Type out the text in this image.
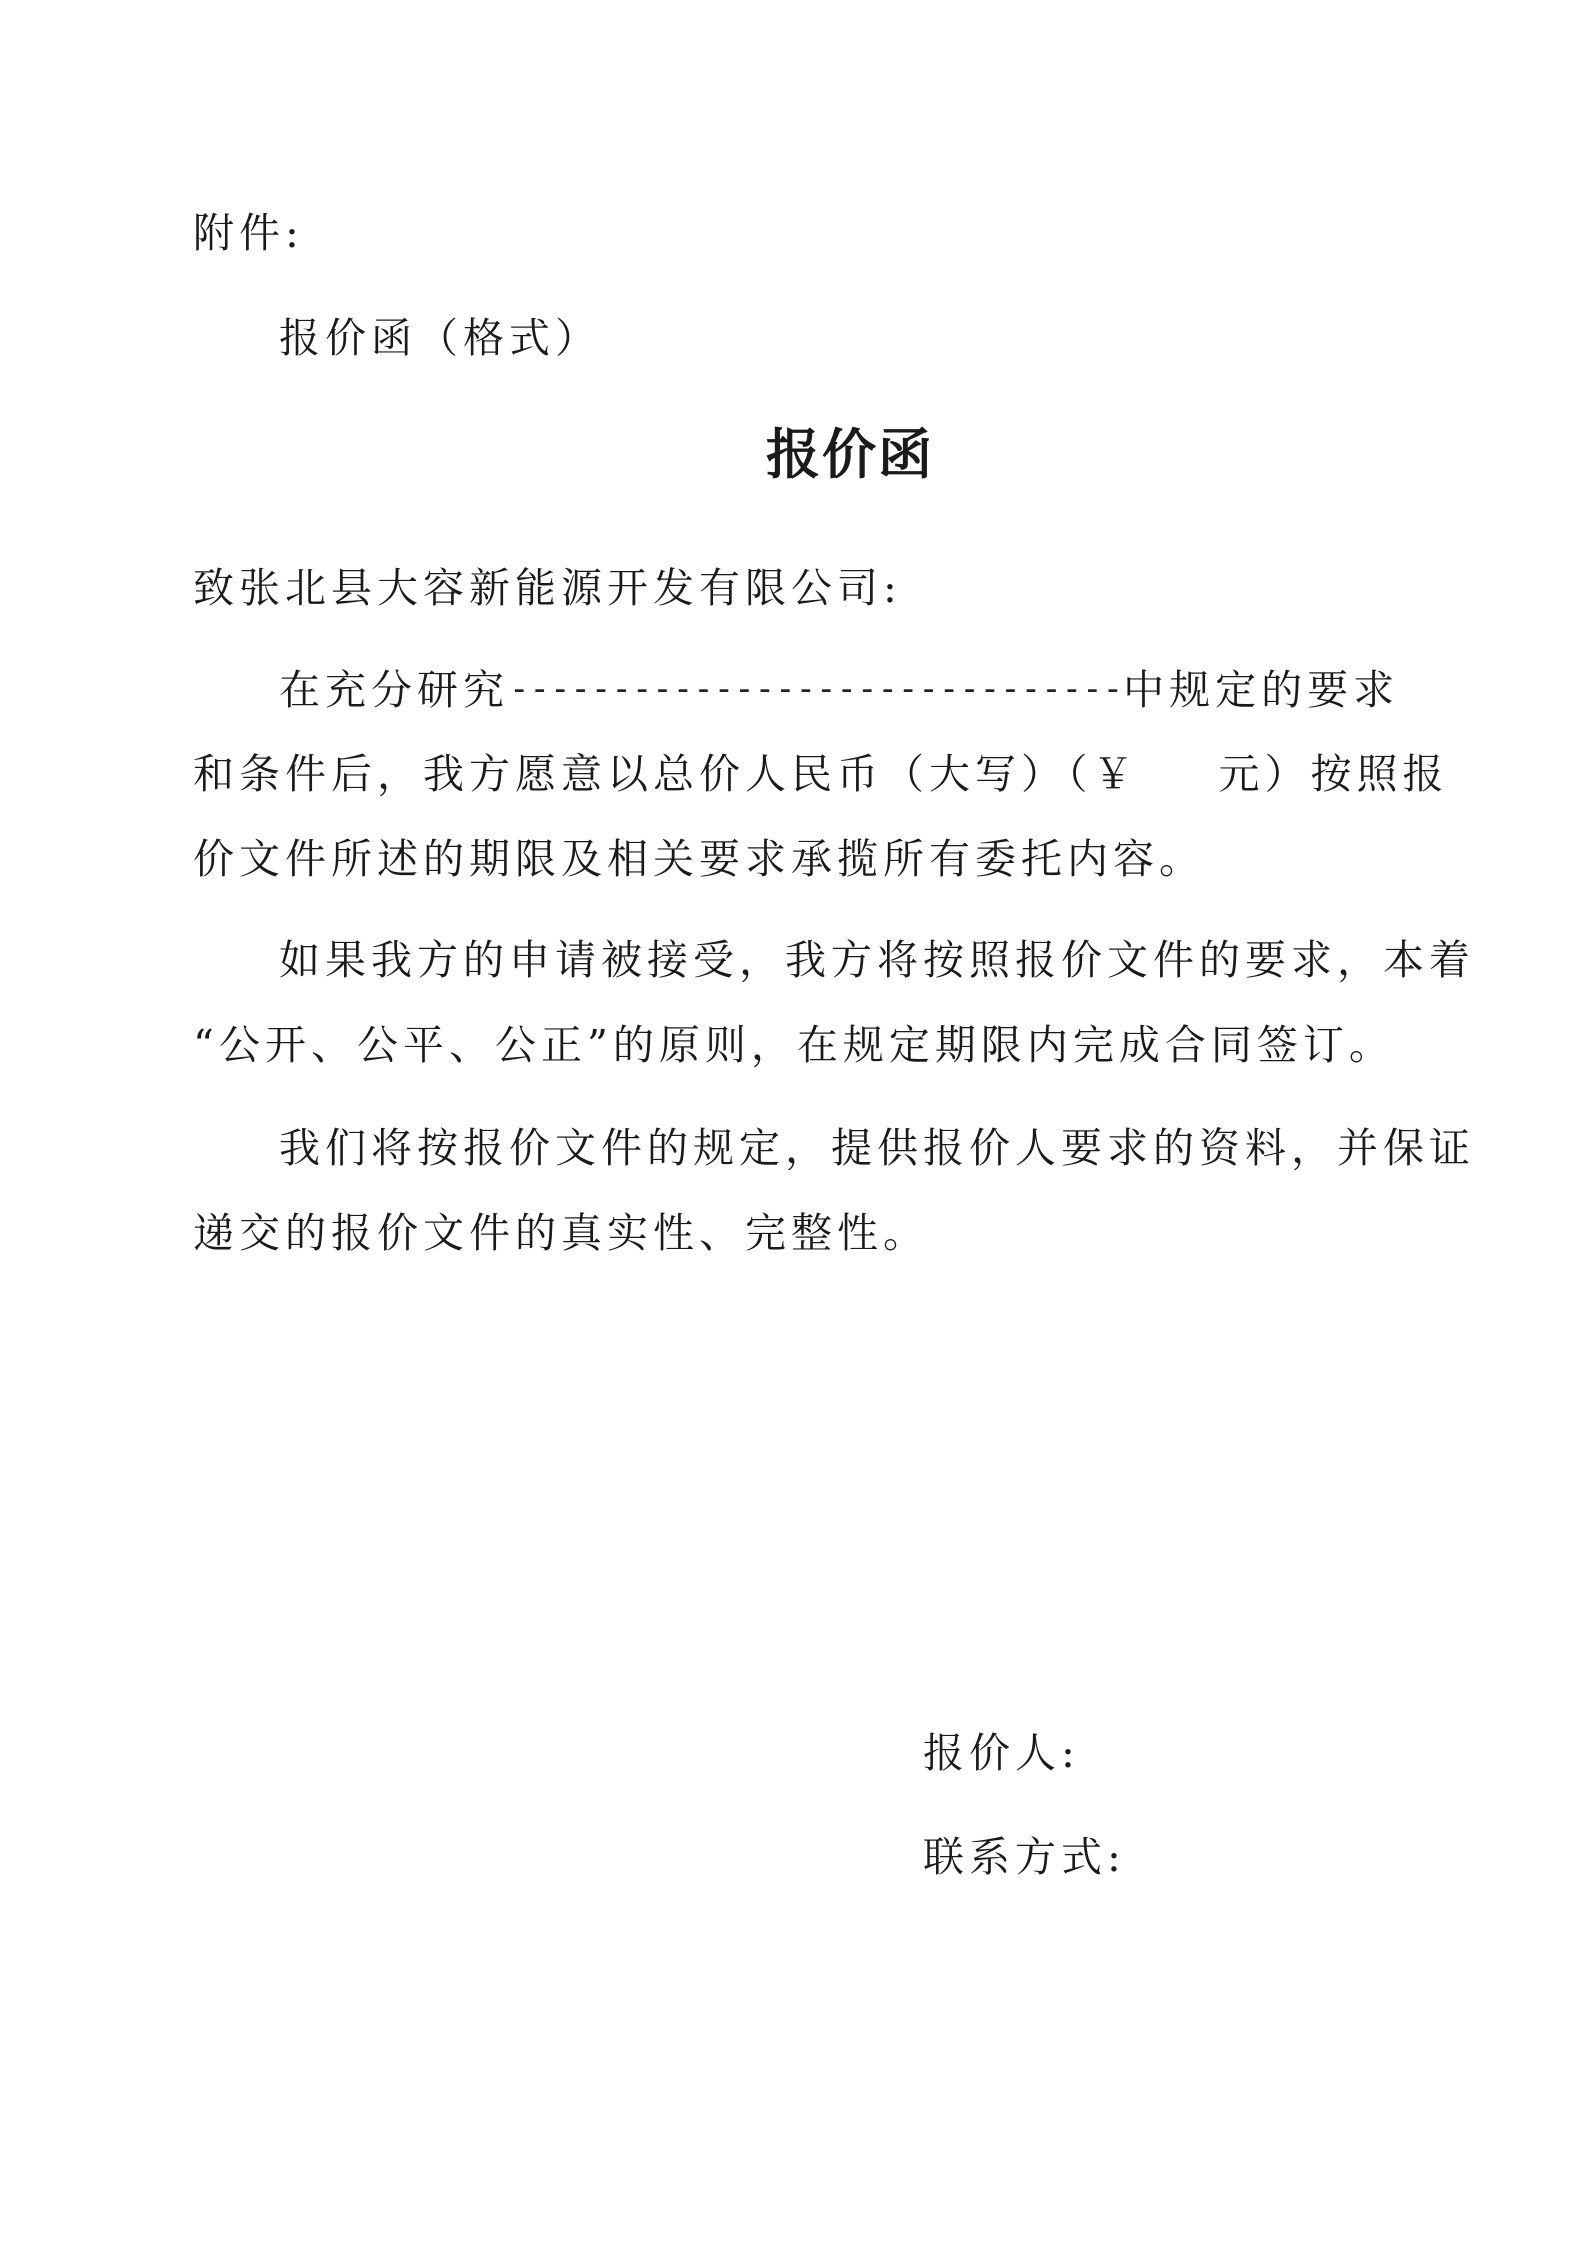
附件:
报价函（格式）
报价函
致张北县大容新能源开发有限公司:
在充分研究------------------------------中规定的要求
和条件后，我方愿意以总价人民币（大写）（￥ 元）按照报
价文件所述的期限及相关要求承揽所有委托内容。
如果我方的申请被接受，我方将按照报价文件的要求，本着
“公开、公平、公正”的原则，在规定期限内完成合同签订。
我们将按报价文件的规定，提供报价人要求的资料，并保证
递交的报价文件的真实性、完整性。
报价人:
联系方式:
